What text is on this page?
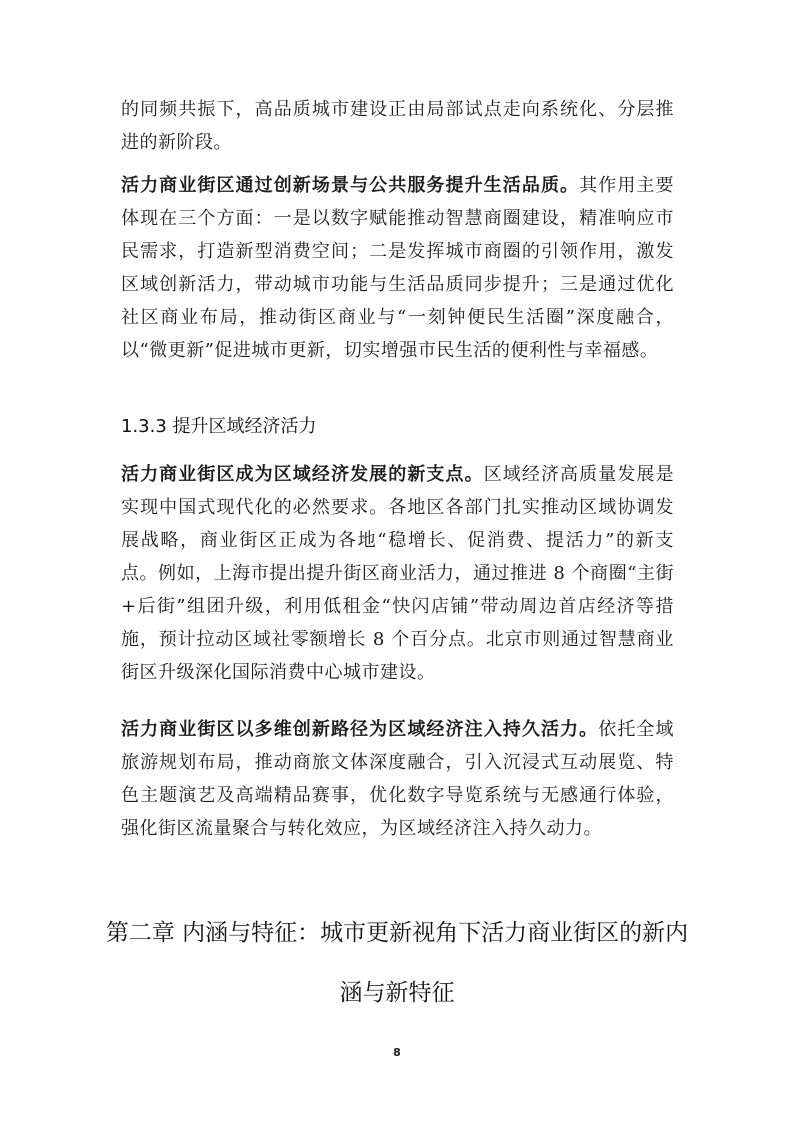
的同频共振下，高品质城市建设正由局部试点走向系统化、分层推进的新阶段。

活力商业街区通过创新场景与公共服务提升生活品质。其作用主要体现在三个方面：一是以数字赋能推动智慧商圈建设，精准响应市民需求，打造新型消费空间；二是发挥城市商圈的引领作用，激发区域创新活力，带动城市功能与生活品质同步提升；三是通过优化社区商业布局，推动街区商业与“一刻钟便民生活圈”深度融合，以“微更新”促进城市更新，切实增强市民生活的便利性与幸福感。

1.3.3 提升区域经济活力

活力商业街区成为区域经济发展的新支点。区域经济高质量发展是实现中国式现代化的必然要求。各地区各部门扎实推动区域协调发展战略，商业街区正成为各地“稳增长、促消费、提活力”的新支点。例如，上海市提出提升街区商业活力，通过推进 8 个商圈“主街+后街”组团升级，利用低租金“快闪店铺”带动周边首店经济等措施，预计拉动区域社零额增长 8 个百分点。北京市则通过智慧商业街区升级深化国际消费中心城市建设。

活力商业街区以多维创新路径为区域经济注入持久活力。依托全域旅游规划布局，推动商旅文体深度融合，引入沉浸式互动展览、特色主题演艺及高端精品赛事，优化数字导览系统与无感通行体验，强化街区流量聚合与转化效应，为区域经济注入持久动力。

第二章 内涵与特征：城市更新视角下活力商业街区的新内
涵与新特征
8
